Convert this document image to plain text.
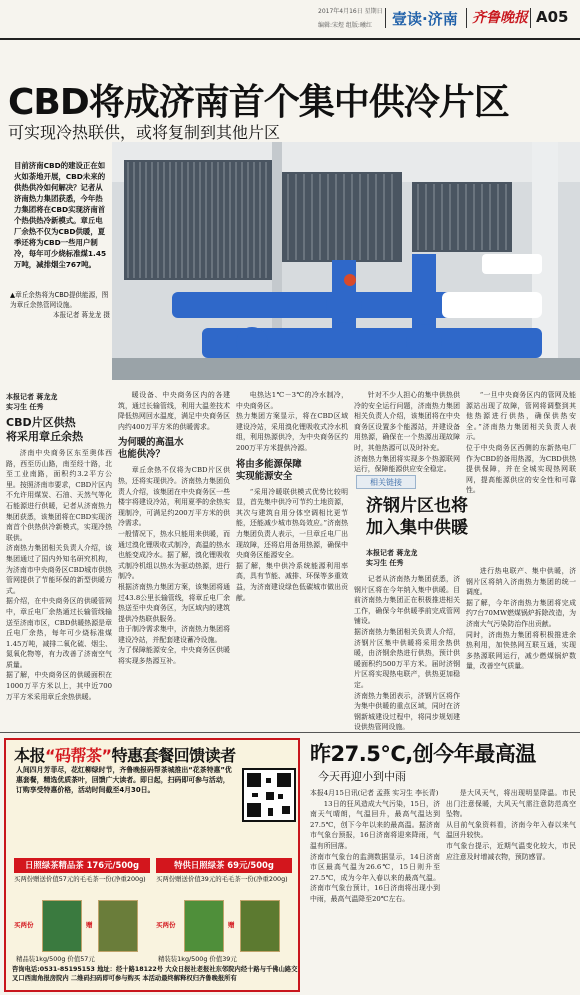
2017年4月16日 星期日
编辑:宋煜 组版:曦红 壹读·济南 齐鲁晚报 A05
CBD将成济南首个集中供冷片区
可实现冷热联供，或将复制到其他片区
目前济南CBD的建设正在如火如荼地开展，CBD未来的供热供冷如何解决？记者从济南热力集团获悉，今年热力集团将在CBD实现济南首个热供热冷新模式。章丘电厂余热不仅为CBD供暖，夏季还将为CBD一些用户制冷，每年可少烧标准煤1.45万吨，减排烟尘767吨。
▲章丘余热将为CBD提供能源，图为章丘余热管网设施。
本报记者 蒋龙龙 摄
本报记者 蒋龙龙
实习生 任秀
CBD片区供热
将采用章丘余热
济南中央商务区东至奥体西路，西至历山路，南至经十路，北至工业南路，面积约3.2平方公里。按照济南市要求，CBD片区内不允许用煤炭、石油、天然气等化石能源进行供暖，记者从济南热力集团获悉，该集团将在CBD实现济南首个供热供冷新模式，实现冷热联供。
济南热力集团相关负责人介绍，该集团通过了国内外知名研究机构，为济南市中央商务区CBD城市供热管网提供了节能环保的新型供暖方式。
据介绍，在中央商务区的供暖管网中，章丘电厂余热通过长输管线输送至济南市区，CBD供暖热源是章丘电厂余热，每年可少烧标准煤1.45万吨，减排二氧化硫、烟尘、氮氧化物等，有力改善了济南空气质量。
据了解，中央商务区的供暖面积在1000万平方米以上，其中近700万平方米采用章丘余热供暖。
暖设备、中央商务区内的各建筑，通过长输管线，利用大温差技术降低热网回水温度，满足中央商务区内约400万平方米的供暖需求。
为何暖的高温水
也能供冷？
章丘余热不仅将为CBD片区供热，还将实现供冷。济南热力集团负责人介绍，该集团在中央商务区一些楼宇将建设冷站，利用夏季的余热实现制冷，可满足约200万平方米的供冷需求。
一般情况下，热水只能用来供暖，而通过溴化锂吸收式制冷，高温的热水也能变成冷水。据了解，溴化锂吸收式制冷机组以热水为驱动热源，进行制冷。
根据济南热力集团方案，该集团将通过43.8公里长输管线，将章丘电厂余热送至中央商务区，为区域内的建筑提供冷热联供服务。
由于制冷需求集中，济南热力集团将建设冷站，并配套建设蓄冷设施。
为了保障能源安全，中央商务区供暖将实现多热源互补。
电热达1℃－3℃的冷水制冷，中央商务区。
热力集团方案显示，将在CBD区域建设冷站，采用溴化锂吸收式冷水机组，利用热源供冷，为中央商务区约200万平方米提供冷源。
将由多能源保障
实现能源安全
“采用冷暖联供模式优势比较明显，首先集中供冷可节约土地资源，其次与建筑自用分体空调相比更节能，还能减少城市热岛效应。”济南热力集团负责人表示，一旦章丘电厂出现故障，还将启用备用热源，确保中央商务区能源安全。
据了解，集中供冷系统能源利用率高，具有节能、减排、环保等多重效益，为济南建设绿色低碳城市做出贡献。
针对不少人担心的集中供热供冷的安全运行问题，济南热力集团相关负责人介绍，该集团将在中央商务区设置多个能源站，并建设备用热源，确保在一个热源出现故障时，其他热源可以及时补充。
济南热力集团将实现多个热源联网运行，保障能源供应安全稳定。
“一旦中央商务区内的管网及能源站出现了故障，管网将调整到其他热源进行供热，确保供热安全。”济南热力集团相关负责人表示。
位于中央商务区西侧的东新热电厂作为CBD的备用热源，为CBD供热提供保障，并在全城实现热网联网，提高能源供应的安全性和可靠性。
相关链接
济钢片区也将
加入集中供暖
本报记者 蒋龙龙
实习生 任秀
记者从济南热力集团获悉，济钢片区将在今年纳入集中供暖。目前济南热力集团正在积极推进相关工作，确保今年供暖季前完成管网铺设。
据济南热力集团相关负责人介绍，济钢片区集中供暖将采用余热供暖，由济钢余热进行供热，预计供暖面积约500万平方米。届时济钢片区将实现热电联产，供热更加稳定。
济南热力集团表示，济钢片区将作为集中供暖的重点区域，同时在济钢新城建设过程中，将同步规划建设供热管网设施。
进行热电联产、集中供暖，济钢片区将纳入济南热力集团的统一调度。
据了解，今年济南热力集团将完成约7台70MW燃煤锅炉拆除改造，为济南大气污染防治作出贡献。
同时，济南热力集团将积极推进余热利用，加快热网互联互通，实现多热源联网运行，减少燃煤锅炉数量，改善空气质量。
本报“码帮茶”特惠套餐回馈读者
人间四月芳菲尽，花红柳绿时节，齐鲁晚报码帮茶城推出“花茶特惠”优惠套餐，精选优质茶叶，回馈广大读者。即日起，扫码即可参与活动，订购享受特惠价格，活动时间截至4月30日。
日照绿茶精品茶 176元/500g	特供日照绿茶 69元/500g
买两份赠送价值57元的毛毛茶一份(净重200g)	买两份赠送价值39元的毛毛茶一份(净重200g)
买两份	赠	买两份	赠
精品装1kg/500g 价值57元	精装装1kg/500g 价值39元
咨询电话:0531-85195153 地址：经十路18122号 大众日报社老报社东邻院内经十路与千佛山路交叉口西南角报房院内 二维码扫码即可参与购买 本活动最终解释权归齐鲁晚报所有
昨27.5℃,创今年最高温
今天再迎小到中雨
本报4月15日讯(记者 孟燕 实习生 李长青)
13日的狂风造成大气污染，15日，济南天气晴朗，气温回升，最高气温达到27.5℃，创下今年以来的最高温。据济南市气象台预报，16日济南将迎来降雨，气温有所回落。
济南市气象台的监测数据显示，14日济南市区最高气温为26.6℃，15日则升至27.5℃，成为今年入春以来的最高气温。济南市气象台预计，16日济南将出现小到中雨，最高气温降至20℃左右。
是大风天气，将出现明显降温。市民出门注意保暖，大风天气需注意防范高空坠物。
从目前气象资料看，济南今年入春以来气温回升较快。
市气象台提示，近期气温变化较大，市民应注意及时增减衣物，预防感冒。
